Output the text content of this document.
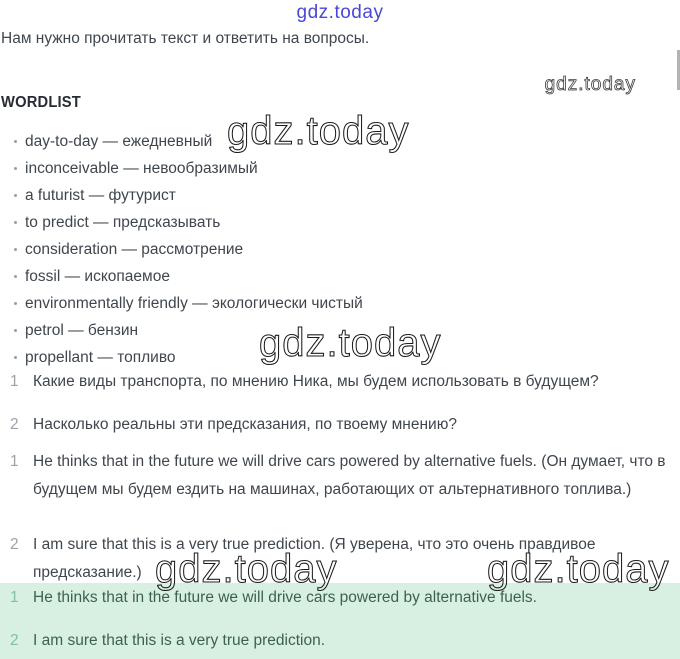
gdz.today

Нам нужно прочитать текст и ответить на вопросы.

gdz.today
WORDLIST
day-to-day — ежедневный
inconceivable — невообразимый
a futurist — футурист
to predict — предсказывать
consideration — рассмотрение
fossil — ископаемое
environmentally friendly — экологически чистый
petrol — бензин
propellant — топливо
gdz.today
gdz.today
1 Какие виды транспорта, по мнению Ника, мы будем использовать в будущем?
2 Насколько реальны эти предсказания, по твоему мнению?
1 He thinks that in the future we will drive cars powered by alternative fuels. (Он думает, что в будущем мы будем ездить на машинах, работающих от альтернативного топлива.)
2 I am sure that this is a very true prediction. (Я уверена, что это очень правдивое предсказание.)
1 He thinks that in the future we will drive cars powered by alternative fuels.
2 I am sure that this is a very true prediction.
gdz.today	gdz.today
